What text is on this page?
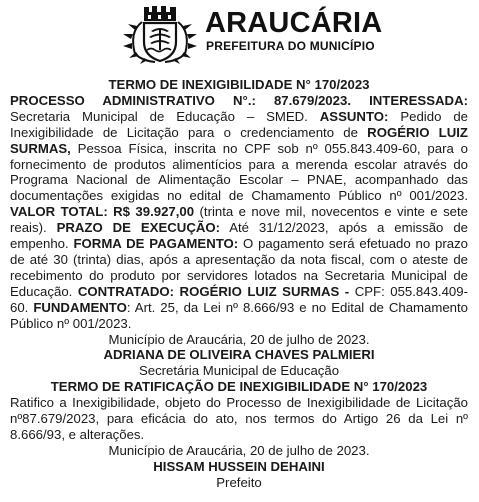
ARAUCÁRIA
PREFEITURA DO MUNICÍPIO
TERMO DE INEXIGIBILIDADE N° 170/2023
PROCESSO ADMINISTRATIVO N°.: 87.679/2023. INTERESSADA: Secretaria Municipal de Educação – SMED. ASSUNTO: Pedido de Inexigibilidade de Licitação para o credenciamento de ROGÉRIO LUIZ SURMAS, Pessoa Física, inscrita no CPF sob nº 055.843.409-60, para o fornecimento de produtos alimentícios para a merenda escolar através do Programa Nacional de Alimentação Escolar – PNAE, acompanhado das documentações exigidas no edital de Chamamento Público nº 001/2023. VALOR TOTAL: R$ 39.927,00 (trinta e nove mil, novecentos e vinte e sete reais). PRAZO DE EXECUÇÃO: Até 31/12/2023, após a emissão de empenho. FORMA DE PAGAMENTO: O pagamento será efetuado no prazo de até 30 (trinta) dias, após a apresentação da nota fiscal, com o ateste de recebimento do produto por servidores lotados na Secretaria Municipal de Educação. CONTRATADO: ROGÉRIO LUIZ SURMAS - CPF: 055.843.409-60. FUNDAMENTO: Art. 25, da Lei nº 8.666/93 e no Edital de Chamamento Público nº 001/2023.
Município de Araucária, 20 de julho de 2023.
ADRIANA DE OLIVEIRA CHAVES PALMIERI
Secretária Municipal de Educação
TERMO DE RATIFICAÇÃO DE INEXIGIBILIDADE N° 170/2023
Ratifico a Inexigibilidade, objeto do Processo de Inexigibilidade de Licitação nº87.679/2023, para eficácia do ato, nos termos do Artigo 26 da Lei nº 8.666/93, e alterações.
Município de Araucária, 20 de julho de 2023.
HISSAM HUSSEIN DEHAINI
Prefeito
